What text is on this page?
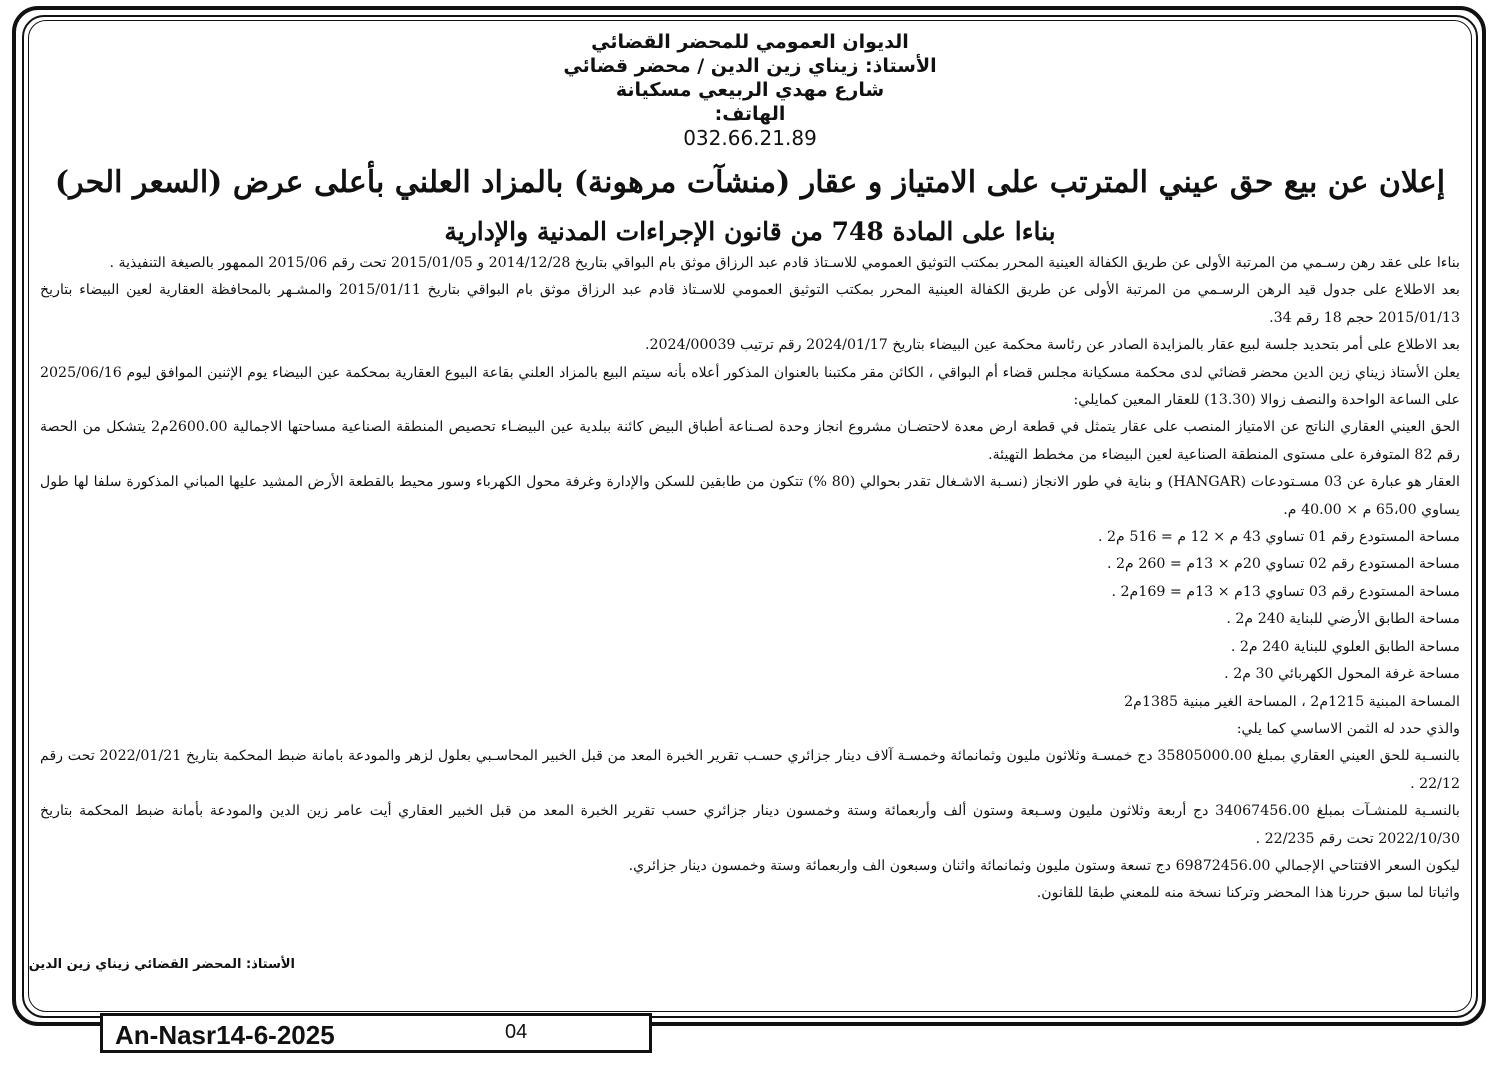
الديوان العمومي للمحضر القضائي
الأستاذ: زيناي زين الدين / محضر قضائي
شارع مهدي الربيعي مسكيانة
الهاتف:
032.66.21.89
إعلان عن بيع حق عيني المترتب على الامتياز و عقار (منشآت مرهونة) بالمزاد العلني بأعلى عرض (السعر الحر)
بناءا على المادة 748 من قانون الإجراءات المدنية والإدارية

بناءا على عقد رهن رسـمي من المرتبة الأولى عن طريق الكفالة العينية المحرر بمكتب التوثيق العمومي للاسـتاذ قادم عبد الرزاق موثق بام البواقي بتاريخ 2014/12/28 و 2015/01/05 تحت رقم 2015/06 الممهور بالصيغة التنفيذية .

بعد الاطلاع على جدول قيد الرهن الرسـمي من المرتبة الأولى عن طريق الكفالة العينية المحرر بمكتب التوثيق العمومي للاسـتاذ قادم عبد الرزاق موثق بام البواقي بتاريخ 2015/01/11 والمشـهر بالمحافظة العقارية لعين البيضاء بتاريخ 2015/01/13 حجم 18 رقم 34.

بعد الاطلاع على أمر بتحديد جلسة لبيع عقار بالمزايدة الصادر عن رئاسة محكمة عين البيضاء بتاريخ 2024/01/17 رقم ترتيب 2024/00039.

يعلن الأستاذ زيناي زين الدين محضر قضائي لدى محكمة مسكيانة مجلس قضاء أم البواقي ، الكائن مقر مكتبنا بالعنوان المذكور أعلاه بأنه سيتم البيع بالمزاد العلني بقاعة البيوع العقارية بمحكمة عين البيضاء يوم الإثنين الموافق ليوم 2025/06/16 على الساعة الواحدة والنصف زوالا (13.30) للعقار المعين كمايلي:

الحق العيني العقاري الناتج عن الامتياز المنصب على عقار يتمثل في قطعة ارض معدة لاحتضـان مشروع انجاز وحدة لصـناعة أطباق البيض كائنة ببلدية عين البيضـاء تحصيص المنطقة الصناعية مساحتها الاجمالية 2600.00م2 يتشكل من الحصة رقم 82 المتوفرة على مستوى المنطقة الصناعية لعين البيضاء من مخطط التهيئة.

العقار هو عبارة عن 03 مسـتودعات (HANGAR) و بناية في طور الانجاز (نسـبة الاشـغال تقدر بحوالي (80 %) تتكون من طابقين للسكن والإدارة وغرفة محول الكهرباء وسور محيط بالقطعة الأرض المشيد عليها المباني المذكورة سلفا لها طول يساوي 65،00 م × 40.00 م.

مساحة المستودع رقم 01 تساوي 43 م × 12 م = 516 م2 .

مساحة المستودع رقم 02 تساوي 20م × 13م = 260 م2 .

مساحة المستودع رقم 03 تساوي 13م × 13م = 169م2 .

مساحة الطابق الأرضي للبناية 240 م2 .

مساحة الطابق العلوي للبناية 240 م2 .

مساحة غرفة المحول الكهربائي 30 م2 .

المساحة المبنية 1215م2 ، المساحة الغير مبنية 1385م2

والذي حدد له الثمن الاساسي كما يلي:

بالنسـبة للحق العيني العقاري بمبلغ 35805000.00 دج خمسـة وثلاثون مليون وثمانمائة وخمسـة آلاف دينار جزائري حسـب تقرير الخبرة المعد من قبل الخبير المحاسـبي بعلول لزهر والمودعة بامانة ضبط المحكمة بتاريخ 2022/01/21 تحت رقم 22/12 .

بالنسـبة للمنشـآت بمبلغ 34067456.00 دج أربعة وثلاثون مليون وسـبعة وستون ألف وأربعمائة وستة وخمسون دينار جزائري حسب تقرير الخبرة المعد من قبل الخبير العقاري أيت عامر زين الدين والمودعة بأمانة ضبط المحكمة بتاريخ 2022/10/30 تحت رقم 22/235 .

ليكون السعر الافتتاحي الإجمالي 69872456.00 دج تسعة وستون مليون وثمانمائة واثنان وسبعون الف واربعمائة وستة وخمسون دينار جزائري.

واثباتا لما سبق حررنا هذا المحضر وتركنا نسخة منه للمعني طبقا للقانون.

الأستاذ: المحضر القضائي زيناي زين الدين
An-Nasr14-6-2025	04
